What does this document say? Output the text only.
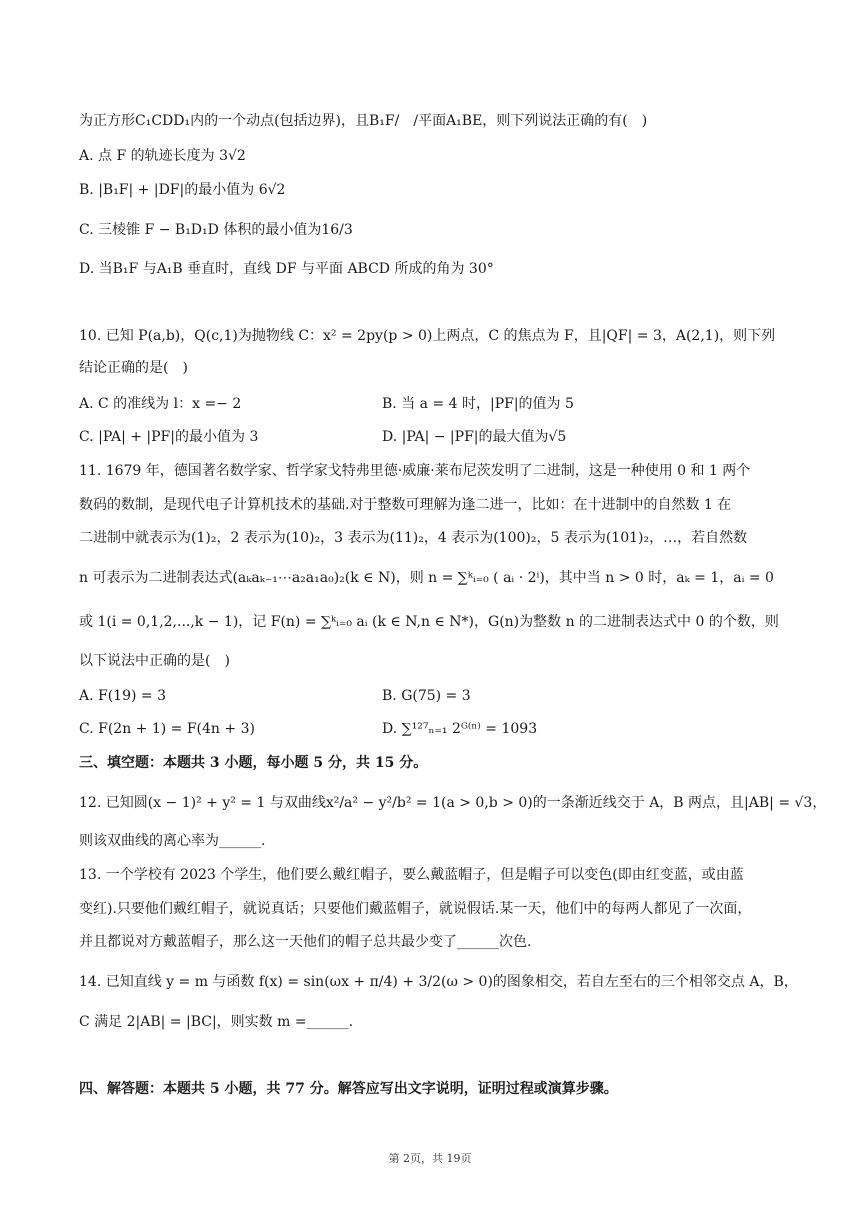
为正方形C₁CDD₁内的一个动点(包括边界)，且B₁F/　/平面A₁BE，则下列说法正确的有(　)
A. 点 F 的轨迹长度为 3√2
B. |B₁F| + |DF|的最小值为 6√2
C. 三棱锥 F − B₁D₁D 体积的最小值为16/3
D. 当B₁F 与A₁B 垂直时，直线 DF 与平面 ABCD 所成的角为 30°
10. 已知 P(a,b)，Q(c,1)为抛物线 C：x² = 2py(p > 0)上两点，C 的焦点为 F，且|QF| = 3，A(2,1)，则下列
结论正确的是(　)
A. C 的准线为 l：x =− 2	B. 当 a = 4 时，|PF|的值为 5
C. |PA| + |PF|的最小值为 3	D. |PA| − |PF|的最大值为√5
11. 1679 年，德国著名数学家、哲学家戈特弗里德·威廉·莱布尼茨发明了二进制，这是一种使用 0 和 1 两个
数码的数制，是现代电子计算机技术的基础.对于整数可理解为逢二进一，比如：在十进制中的自然数 1 在
二进制中就表示为(1)₂，2 表示为(10)₂，3 表示为(11)₂，4 表示为(100)₂，5 表示为(101)₂，…，若自然数
n 可表示为二进制表达式(aₖaₖ₋₁⋯a₂a₁a₀)₂(k ∈ N)，则 n = ∑ᵏᵢ₌₀ ( aᵢ · 2ⁱ)，其中当 n > 0 时，aₖ = 1，aᵢ = 0
或 1(i = 0,1,2,...,k − 1)，记 F(n) = ∑ᵏᵢ₌₀ aᵢ (k ∈ N,n ∈ N*)，G(n)为整数 n 的二进制表达式中 0 的个数，则
以下说法中正确的是(　)
A. F(19) = 3	B. G(75) = 3
C. F(2n + 1) = F(4n + 3)	D. ∑¹²⁷ₙ₌₁ 2ᴳ⁽ⁿ⁾ = 1093
三、填空题：本题共 3 小题，每小题 5 分，共 15 分。
12. 已知圆(x − 1)² + y² = 1 与双曲线x²/a² − y²/b² = 1(a > 0,b > 0)的一条渐近线交于 A，B 两点，且|AB| = √3，
则该双曲线的离心率为______.
13. 一个学校有 2023 个学生，他们要么戴红帽子，要么戴蓝帽子，但是帽子可以变色(即由红变蓝，或由蓝
变红).只要他们戴红帽子，就说真话；只要他们戴蓝帽子，就说假话.某一天，他们中的每两人都见了一次面，
并且都说对方戴蓝帽子，那么这一天他们的帽子总共最少变了______次色.
14. 已知直线 y = m 与函数 f(x) = sin(ωx + π/4) + 3/2(ω > 0)的图象相交，若自左至右的三个相邻交点 A，B，
C 满足 2|AB| = |BC|，则实数 m =______.
四、解答题：本题共 5 小题，共 77 分。解答应写出文字说明，证明过程或演算步骤。
第 2页，共 19页
